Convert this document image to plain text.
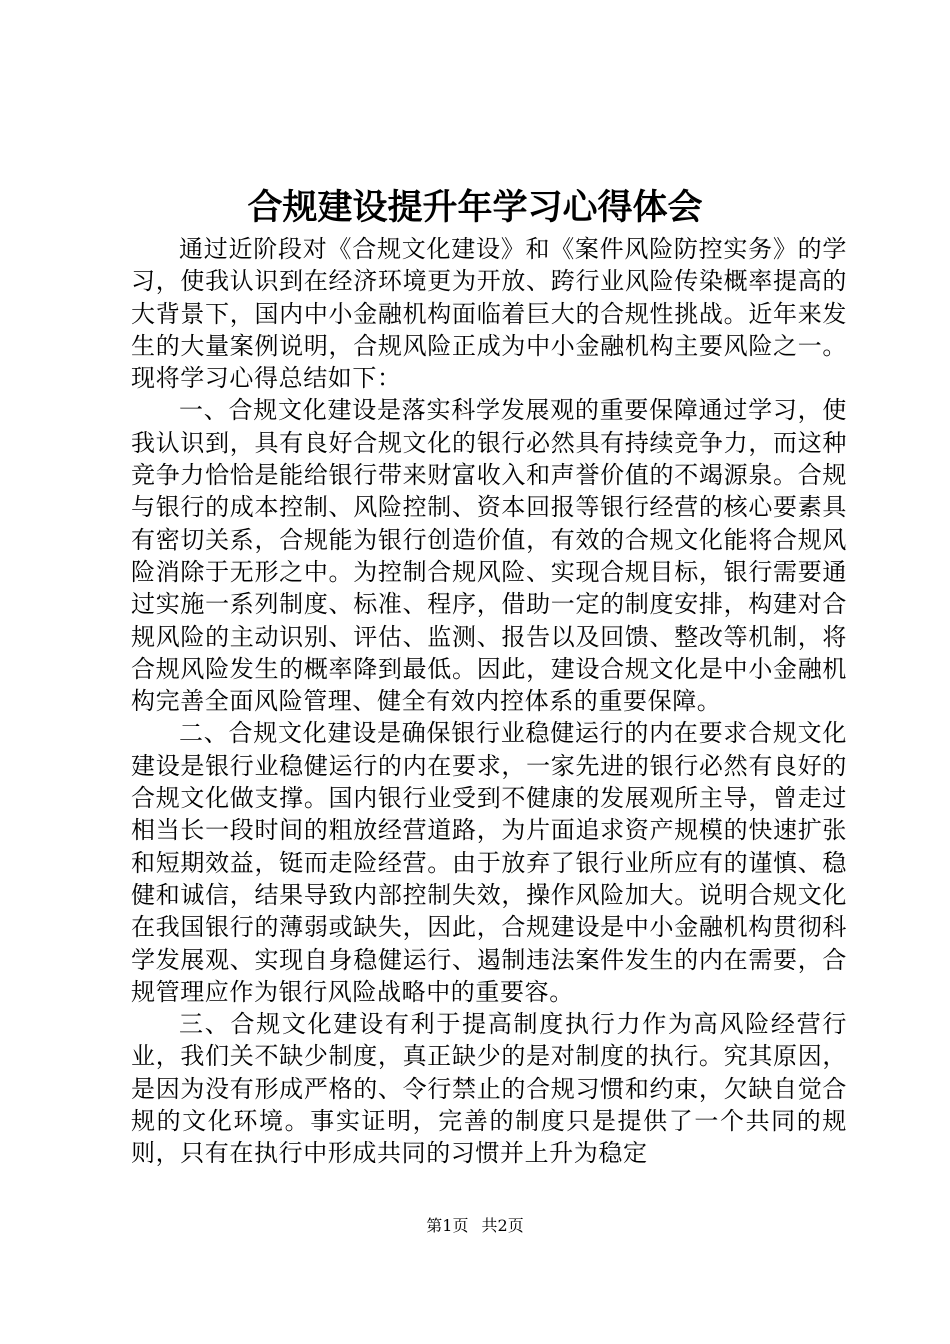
合规建设提升年学习心得体会

通过近阶段对《合规文化建设》和《案件风险防控实务》的学习，使我认识到在经济环境更为开放、跨行业风险传染概率提高的大背景下，国内中小金融机构面临着巨大的合规性挑战。近年来发生的大量案例说明，合规风险正成为中小金融机构主要风险之一。现将学习心得总结如下：

一、合规文化建设是落实科学发展观的重要保障通过学习，使我认识到，具有良好合规文化的银行必然具有持续竞争力，而这种竞争力恰恰是能给银行带来财富收入和声誉价值的不竭源泉。合规与银行的成本控制、风险控制、资本回报等银行经营的核心要素具有密切关系，合规能为银行创造价值，有效的合规文化能将合规风险消除于无形之中。为控制合规风险、实现合规目标，银行需要通过实施一系列制度、标准、程序，借助一定的制度安排，构建对合规风险的主动识别、评估、监测、报告以及回馈、整改等机制，将合规风险发生的概率降到最低。因此，建设合规文化是中小金融机构完善全面风险管理、健全有效内控体系的重要保障。

二、合规文化建设是确保银行业稳健运行的内在要求合规文化建设是银行业稳健运行的内在要求，一家先进的银行必然有良好的合规文化做支撑。国内银行业受到不健康的发展观所主导，曾走过相当长一段时间的粗放经营道路，为片面追求资产规模的快速扩张和短期效益，铤而走险经营。由于放弃了银行业所应有的谨慎、稳健和诚信，结果导致内部控制失效，操作风险加大。说明合规文化在我国银行的薄弱或缺失，因此，合规建设是中小金融机构贯彻科学发展观、实现自身稳健运行、遏制违法案件发生的内在需要，合规管理应作为银行风险战略中的重要容。

三、合规文化建设有利于提高制度执行力作为高风险经营行业，我们关不缺少制度，真正缺少的是对制度的执行。究其原因，是因为没有形成严格的、令行禁止的合规习惯和约束，欠缺自觉合规的文化环境。事实证明，完善的制度只是提供了一个共同的规则，只有在执行中形成共同的习惯并上升为稳定

第1页 共2页
